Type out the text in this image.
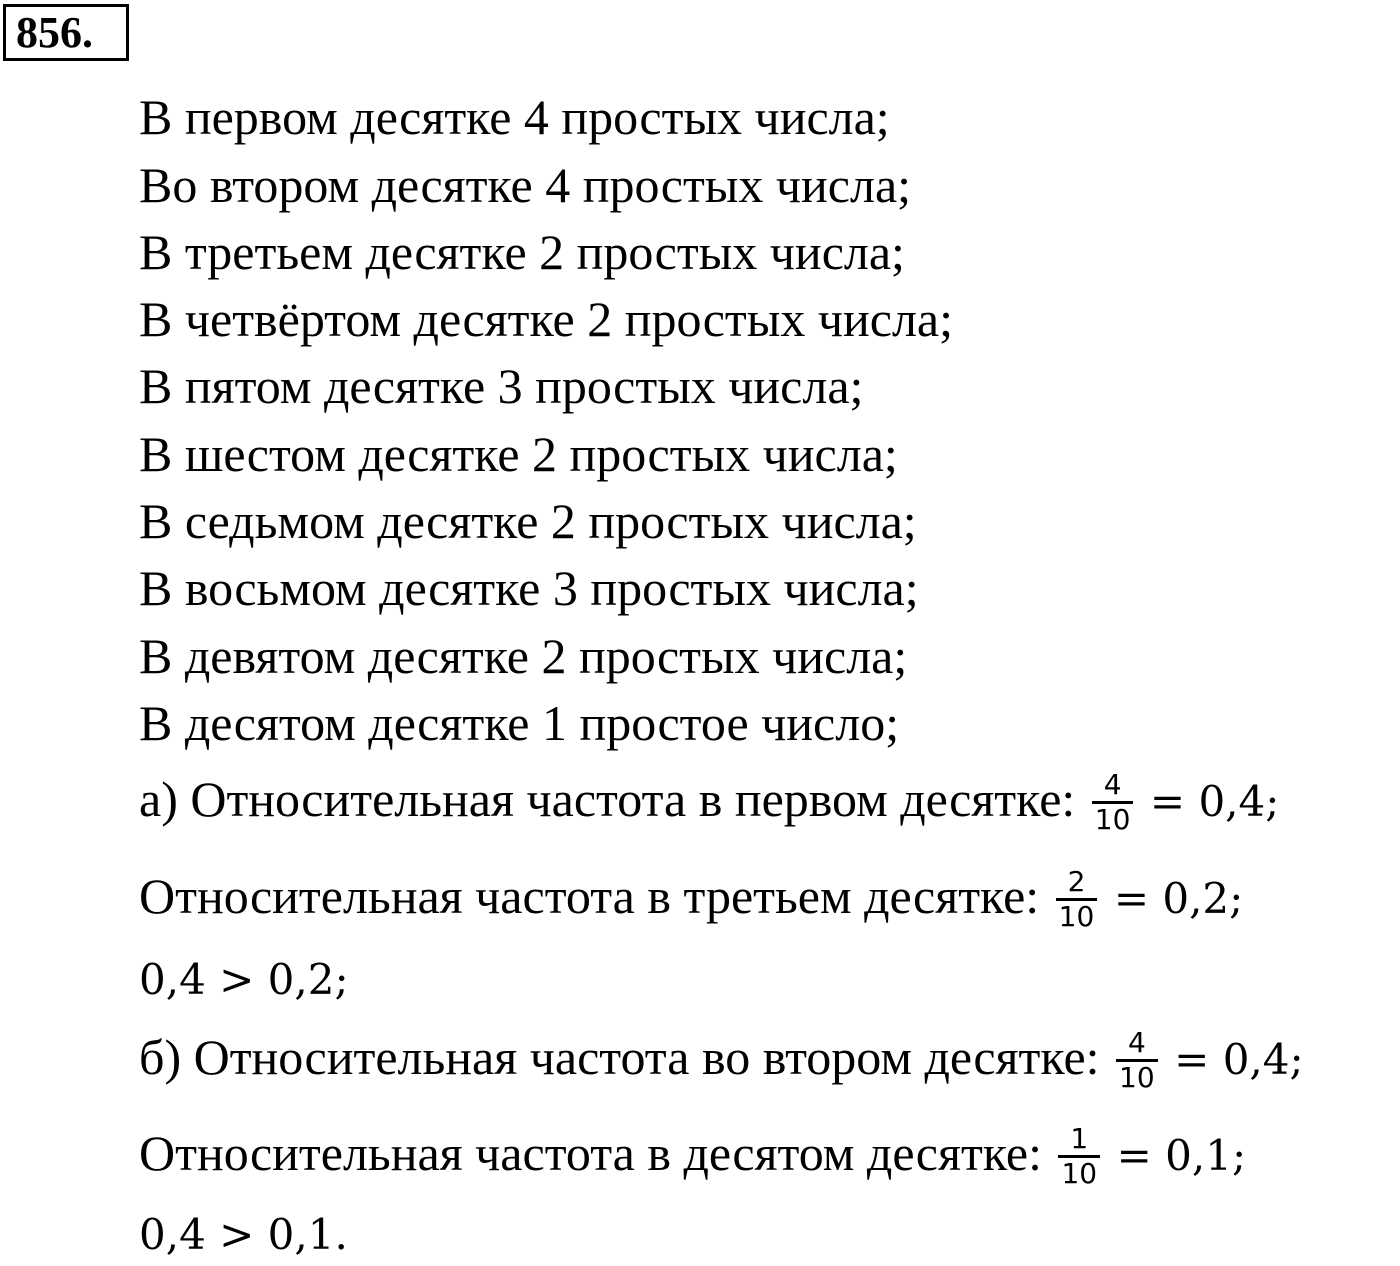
856.
В первом десятке 4 простых числа;
Во втором десятке 4 простых числа;
В третьем десятке 2 простых числа;
В четвёртом десятке 2 простых числа;
В пятом десятке 3 простых числа;
В шестом десятке 2 простых числа;
В седьмом десятке 2 простых числа;
В восьмом десятке 3 простых числа;
В девятом десятке 2 простых числа;
В десятом десятке 1 простое число;
а) Относительная частота в первом десятке: $\frac{4}{10} = 0,4$;
Относительная частота в третьем десятке: $\frac{2}{10} = 0,2$;
0,4 > 0,2;
б) Относительная частота во втором десятке: $\frac{4}{10} = 0,4$;
Относительная частота в десятом десятке: $\frac{1}{10} = 0,1$;
0,4 > 0,1.
